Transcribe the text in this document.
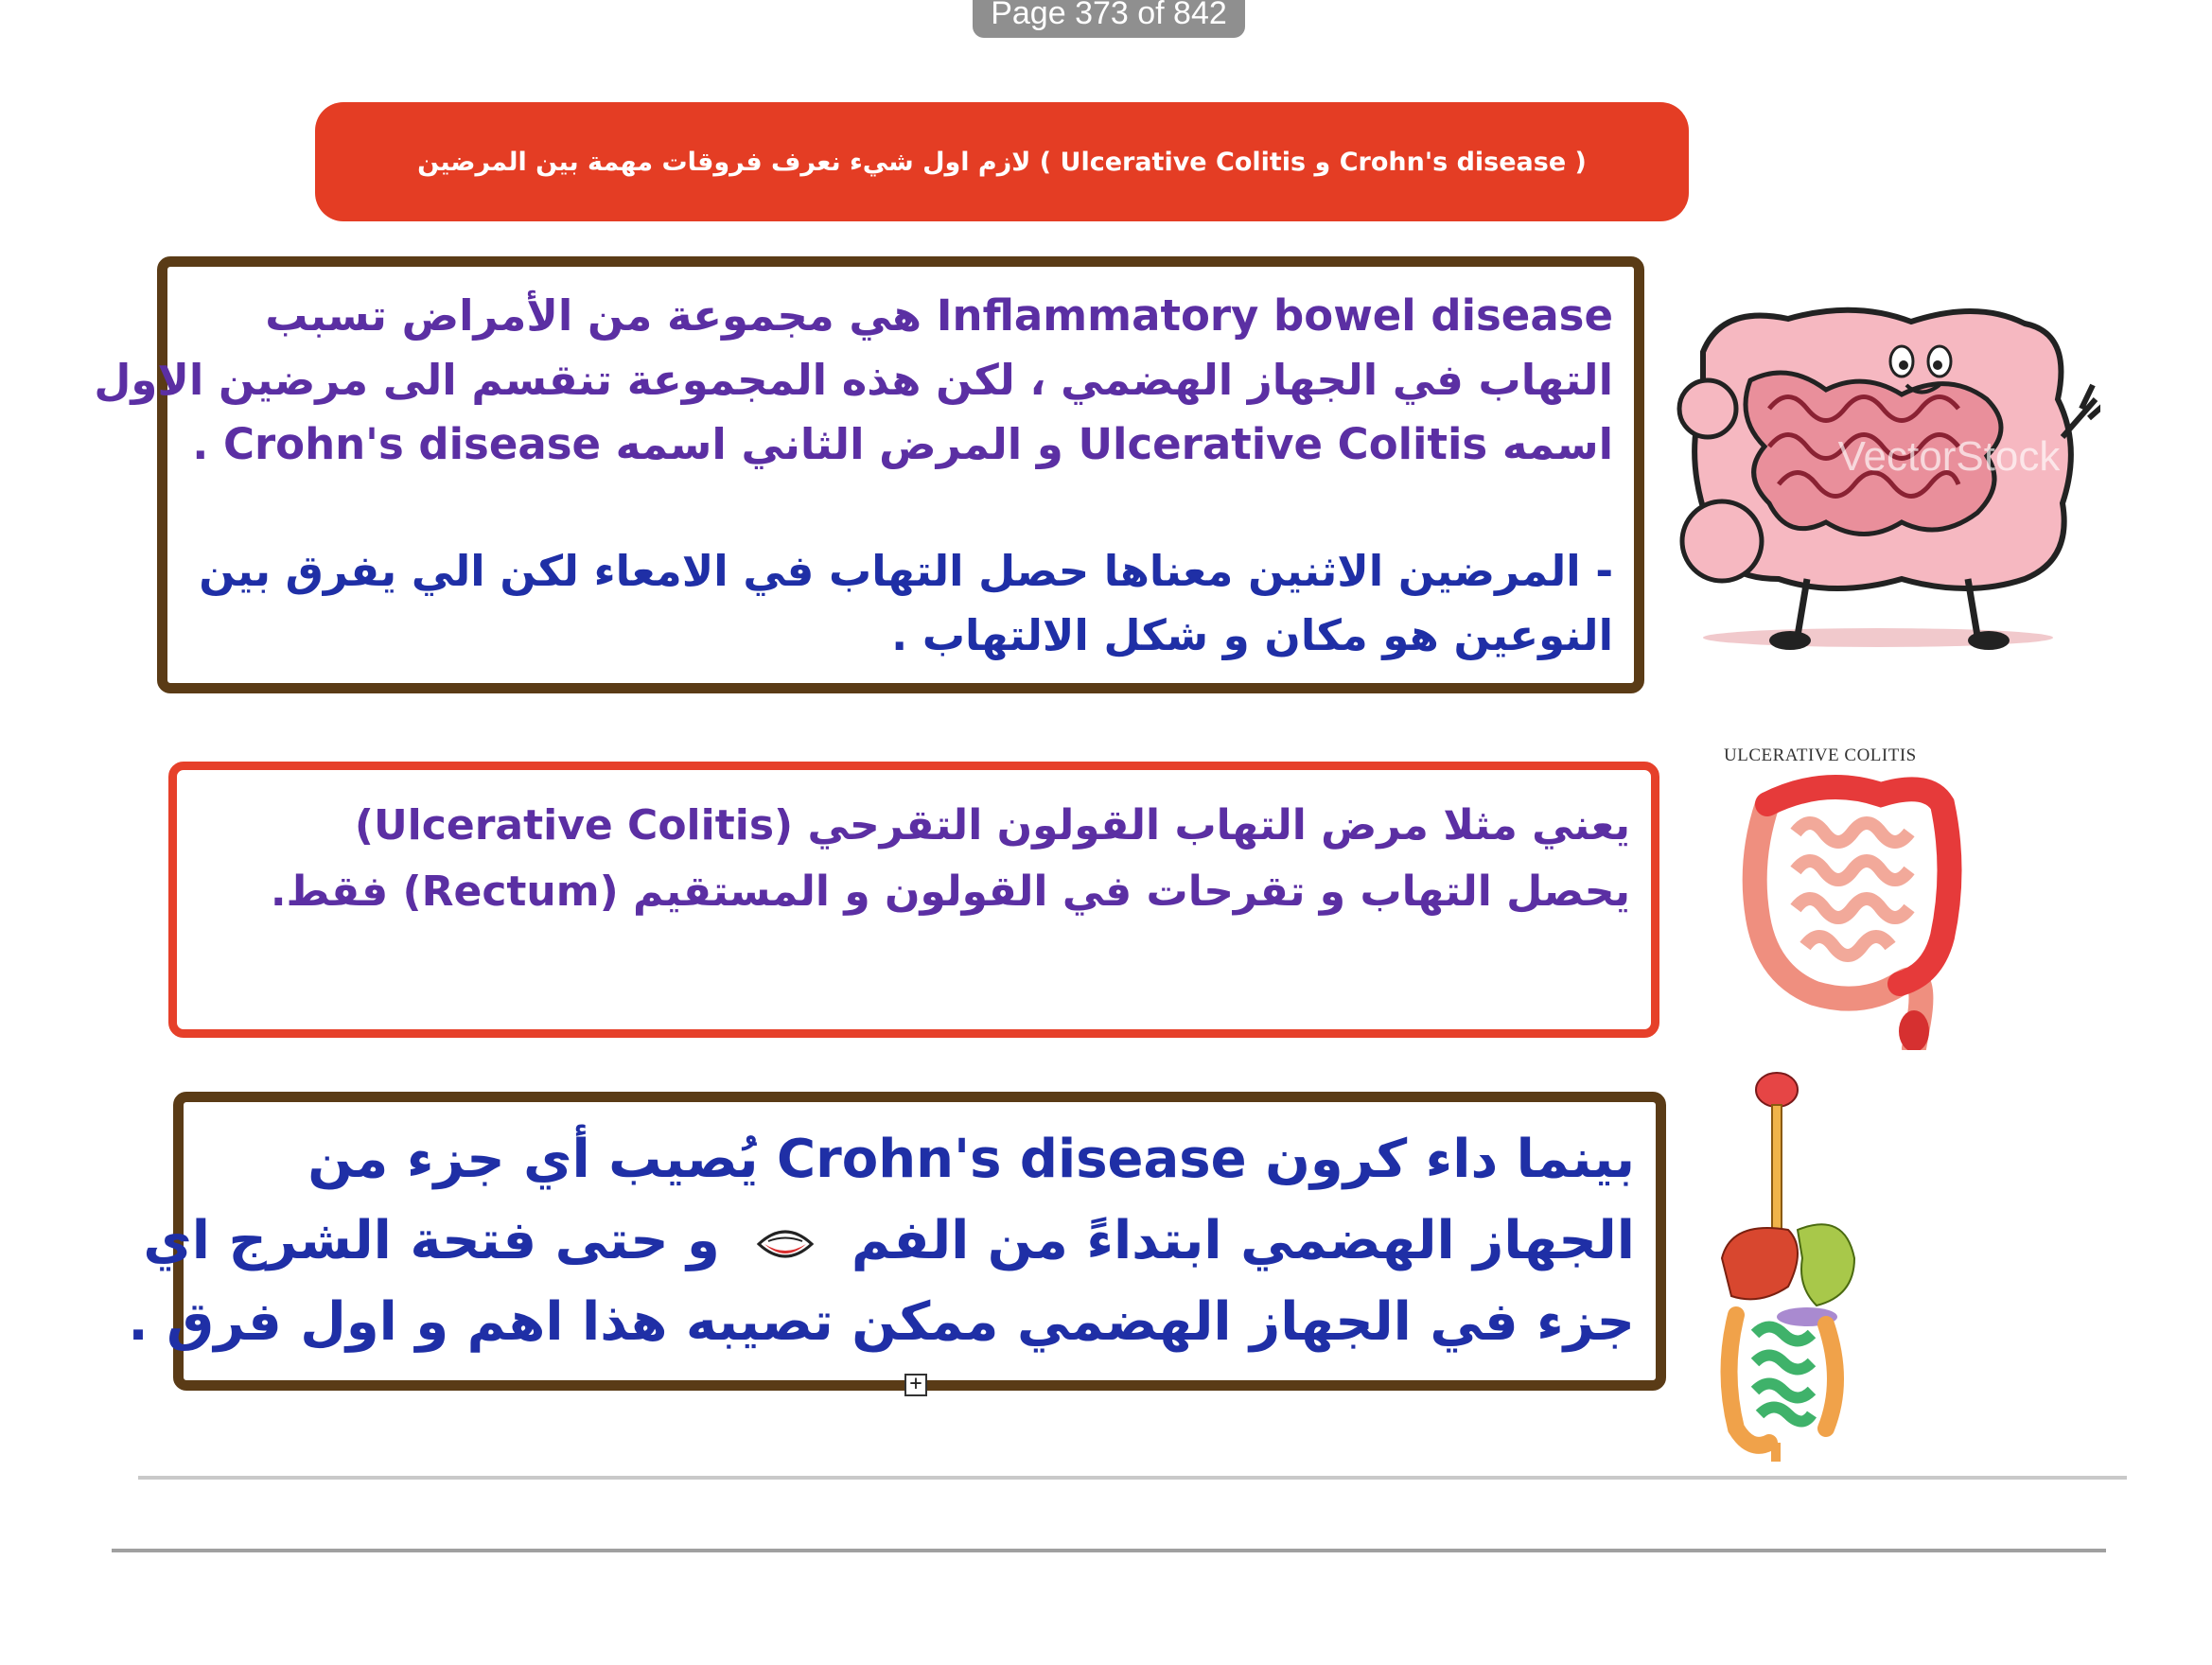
Page 373 of 842
لازم اول شيء نعرف فروقات مهمة بين المرضين ( Ulcerative Colitis و Crohn's disease )

Inflammatory bowel disease هي مجموعة من الأمراض تسبب

التهاب في الجهاز الهضمي ، لكن هذه المجموعة تنقسم الى مرضين الاول

اسمه Ulcerative Colitis و المرض الثاني اسمه Crohn's disease .

- المرضين الاثنين معناها حصل التهاب في الامعاء لكن الي يفرق بين

النوعين هو مكان و شكل الالتهاب .

VectorStock

يعني مثلا مرض التهاب القولون التقرحي (Ulcerative Colitis)

يحصل التهاب و تقرحات في القولون و المستقيم (Rectum) فقط.

ULCERATIVE COLITIS

بينما داء كرون Crohn's disease يُصيب أي جزء من

الجهاز الهضمي ابتداءً من الفم  و حتى فتحة الشرج اي

جزء في الجهاز الهضمي ممكن تصيبه هذا اهم و اول فرق .

+
